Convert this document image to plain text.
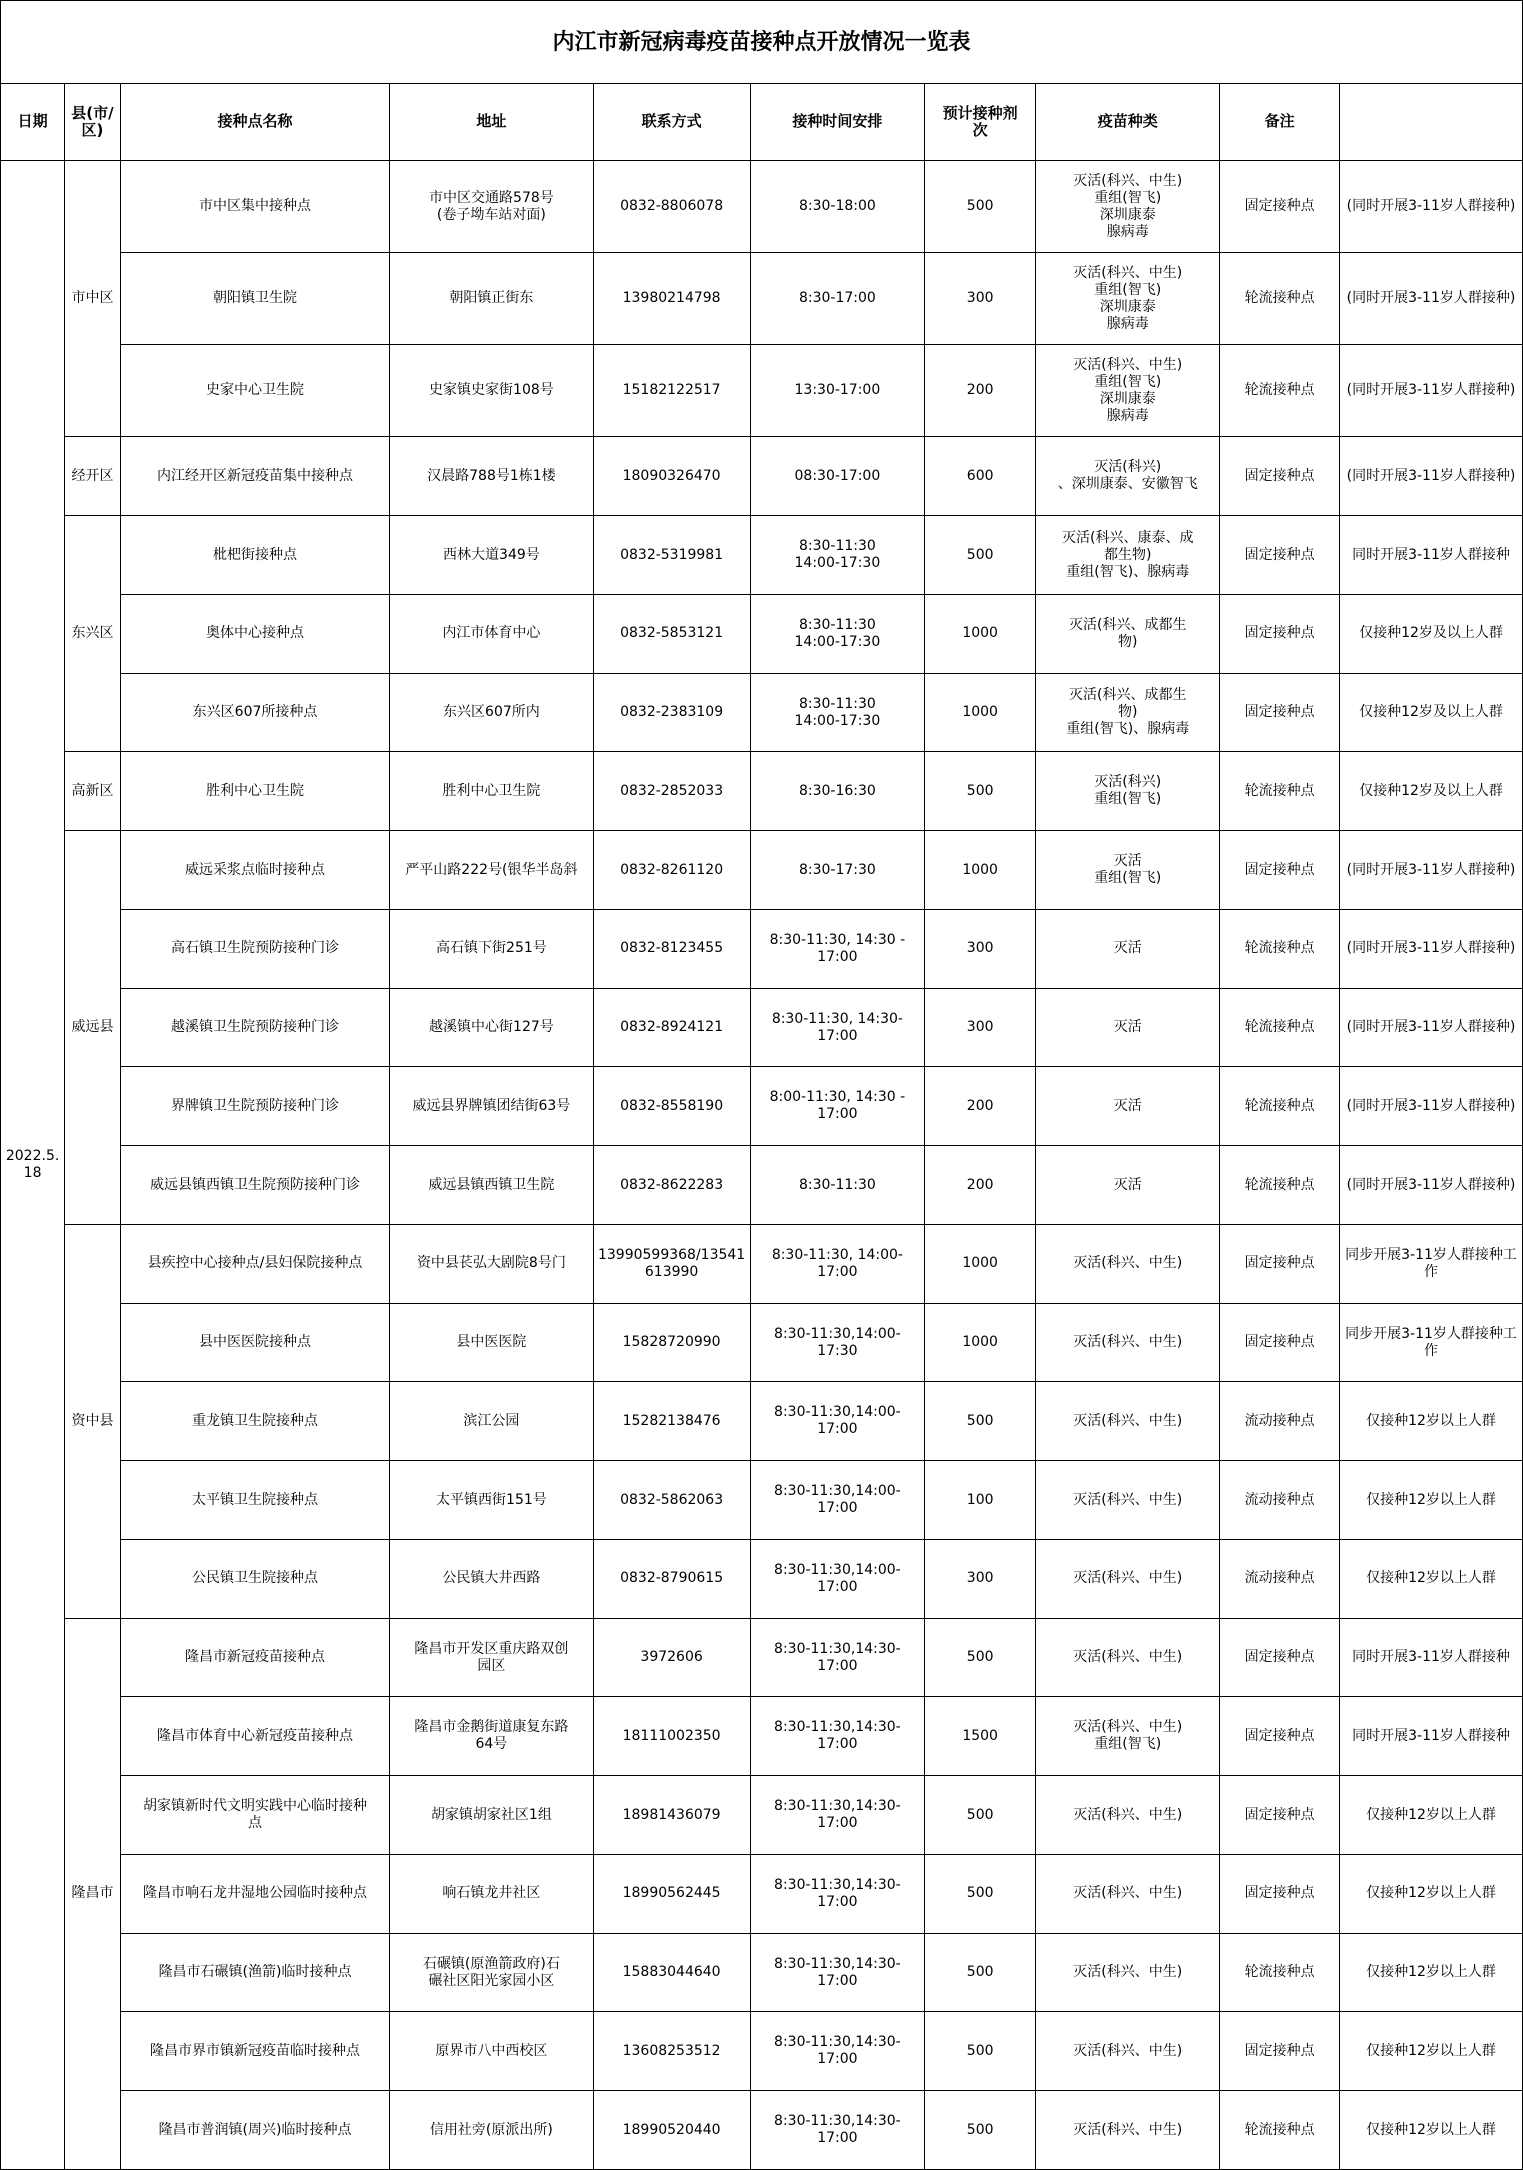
内江市新冠病毒疫苗接种点开放情况一览表									
日期	县(市/
区)	接种点名称	地址	联系方式	接种时间安排	预计接种剂
次	疫苗种类	备注	
2022.5.18	市中区	市中区集中接种点	市中区交通路578号
(卷子坳车站对面)	0832-8806078	8:30-18:00	500	灭活(科兴、中生)
重组(智飞)
深圳康泰
腺病毒	固定接种点	(同时开展3-11岁人群接种)
		朝阳镇卫生院	朝阳镇正街东	13980214798	8:30-17:00	300	灭活(科兴、中生)
重组(智飞)
深圳康泰
腺病毒	轮流接种点	(同时开展3-11岁人群接种)
		史家中心卫生院	史家镇史家街108号	15182122517	13:30-17:00	200	灭活(科兴、中生)
重组(智飞)
深圳康泰
腺病毒	轮流接种点	(同时开展3-11岁人群接种)
	经开区	内江经开区新冠疫苗集中接种点	汉晨路788号1栋1楼	18090326470	08:30-17:00	600	灭活(科兴)
、深圳康泰、安徽智飞	固定接种点	(同时开展3-11岁人群接种)
	东兴区	枇杷街接种点	西林大道349号	0832-5319981	8:30-11:30
14:00-17:30	500	灭活(科兴、康泰、成
都生物)
重组(智飞)、腺病毒	固定接种点	同时开展3-11岁人群接种
		奥体中心接种点	内江市体育中心	0832-5853121	8:30-11:30
14:00-17:30	1000	灭活(科兴、成都生
物)	固定接种点	仅接种12岁及以上人群
		东兴区607所接种点	东兴区607所内	0832-2383109	8:30-11:30
14:00-17:30	1000	灭活(科兴、成都生
物)
重组(智飞)、腺病毒	固定接种点	仅接种12岁及以上人群
	高新区	胜利中心卫生院	胜利中心卫生院	0832-2852033	8:30-16:30	500	灭活(科兴)
重组(智飞)	轮流接种点	仅接种12岁及以上人群
	威远县	威远采浆点临时接种点	严平山路222号(银华半岛斜	0832-8261120	8:30-17:30	1000	灭活
重组(智飞)	固定接种点	(同时开展3-11岁人群接种)
		高石镇卫生院预防接种门诊	高石镇下街251号	0832-8123455	8:30-11:30, 14:30 -
17:00	300	灭活	轮流接种点	(同时开展3-11岁人群接种)
		越溪镇卫生院预防接种门诊	越溪镇中心街127号	0832-8924121	8:30-11:30, 14:30-
17:00	300	灭活	轮流接种点	(同时开展3-11岁人群接种)
		界牌镇卫生院预防接种门诊	威远县界牌镇团结街63号	0832-8558190	8:00-11:30, 14:30 -
17:00	200	灭活	轮流接种点	(同时开展3-11岁人群接种)
		威远县镇西镇卫生院预防接种门诊	威远县镇西镇卫生院	0832-8622283	8:30-11:30	200	灭活	轮流接种点	(同时开展3-11岁人群接种)
	资中县	县疾控中心接种点/县妇保院接种点	资中县苌弘大剧院8号门	13990599368/13541
613990	8:30-11:30, 14:00-
17:00	1000	灭活(科兴、中生)	固定接种点	同步开展3-11岁人群接种工作
		县中医医院接种点	县中医医院	15828720990	8:30-11:30,14:00-
17:30	1000	灭活(科兴、中生)	固定接种点	同步开展3-11岁人群接种工作
		重龙镇卫生院接种点	滨江公园	15282138476	8:30-11:30,14:00-
17:00	500	灭活(科兴、中生)	流动接种点	仅接种12岁以上人群
		太平镇卫生院接种点	太平镇西街151号	0832-5862063	8:30-11:30,14:00-
17:00	100	灭活(科兴、中生)	流动接种点	仅接种12岁以上人群
		公民镇卫生院接种点	公民镇大井西路	0832-8790615	8:30-11:30,14:00-
17:00	300	灭活(科兴、中生)	流动接种点	仅接种12岁以上人群
	隆昌市	隆昌市新冠疫苗接种点	隆昌市开发区重庆路双创
园区	3972606	8:30-11:30,14:30-
17:00	500	灭活(科兴、中生)	固定接种点	同时开展3-11岁人群接种
		隆昌市体育中心新冠疫苗接种点	隆昌市金鹅街道康复东路
64号	18111002350	8:30-11:30,14:30-
17:00	1500	灭活(科兴、中生)
重组(智飞)	固定接种点	同时开展3-11岁人群接种
		胡家镇新时代文明实践中心临时接种
点	胡家镇胡家社区1组	18981436079	8:30-11:30,14:30-
17:00	500	灭活(科兴、中生)	固定接种点	仅接种12岁以上人群
		隆昌市响石龙井湿地公园临时接种点	响石镇龙井社区	18990562445	8:30-11:30,14:30-
17:00	500	灭活(科兴、中生)	固定接种点	仅接种12岁以上人群
		隆昌市石碾镇(渔箭)临时接种点	石碾镇(原渔箭政府)石
碾社区阳光家园小区	15883044640	8:30-11:30,14:30-
17:00	500	灭活(科兴、中生)	轮流接种点	仅接种12岁以上人群
		隆昌市界市镇新冠疫苗临时接种点	原界市八中西校区	13608253512	8:30-11:30,14:30-
17:00	500	灭活(科兴、中生)	固定接种点	仅接种12岁以上人群
		隆昌市普润镇(周兴)临时接种点	信用社旁(原派出所)	18990520440	8:30-11:30,14:30-
17:00	500	灭活(科兴、中生)	轮流接种点	仅接种12岁以上人群
